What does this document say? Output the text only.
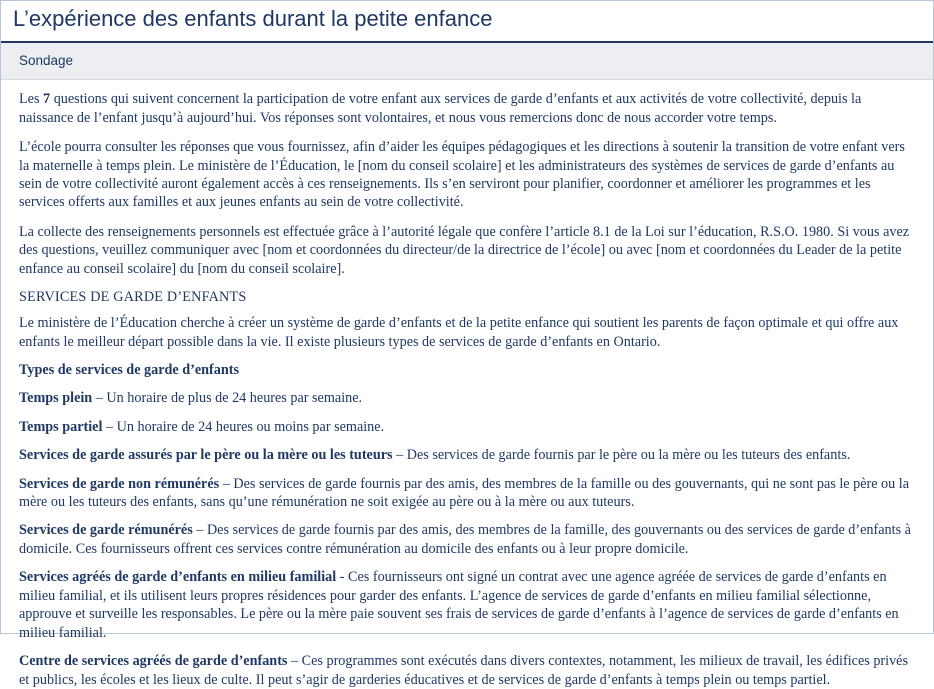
L’expérience des enfants durant la petite enfance
Sondage

Les 7 questions qui suivent concernent la participation de votre enfant aux services de garde d’enfants et aux activités de votre collectivité, depuis la naissance de l’enfant jusqu’à aujourd’hui. Vos réponses sont volontaires, et nous vous remercions donc de nous accorder votre temps.

L’école pourra consulter les réponses que vous fournissez, afin d’aider les équipes pédagogiques et les directions à soutenir la transition de votre enfant vers la maternelle à temps plein. Le ministère de l’Éducation, le [nom du conseil scolaire] et les administrateurs des systèmes de services de garde d’enfants au sein de votre collectivité auront également accès à ces renseignements. Ils s’en serviront pour planifier, coordonner et améliorer les programmes et les services offerts aux familles et aux jeunes enfants au sein de votre collectivité.

La collecte des renseignements personnels est effectuée grâce à l’autorité légale que confère l’article 8.1 de la Loi sur l’éducation, R.S.O. 1980. Si vous avez des questions, veuillez communiquer avec [nom et coordonnées du directeur/de la directrice de l’école] ou avec [nom et coordonnées du Leader de la petite enfance au conseil scolaire] du [nom du conseil scolaire].

SERVICES DE GARDE D’ENFANTS

Le ministère de l’Éducation cherche à créer un système de garde d’enfants et de la petite enfance qui soutient les parents de façon optimale et qui offre aux enfants le meilleur départ possible dans la vie. Il existe plusieurs types de services de garde d’enfants en Ontario.

Types de services de garde d’enfants

Temps plein – Un horaire de plus de 24 heures par semaine.

Temps partiel – Un horaire de 24 heures ou moins par semaine.

Services de garde assurés par le père ou la mère ou les tuteurs – Des services de garde fournis par le père ou la mère ou les tuteurs des enfants.

Services de garde non rémunérés – Des services de garde fournis par des amis, des membres de la famille ou des gouvernants, qui ne sont pas le père ou la mère ou les tuteurs des enfants, sans qu’une rémunération ne soit exigée au père ou à la mère ou aux tuteurs.

Services de garde rémunérés – Des services de garde fournis par des amis, des membres de la famille, des gouvernants ou des services de garde d’enfants à domicile. Ces fournisseurs offrent ces services contre rémunération au domicile des enfants ou à leur propre domicile.

Services agréés de garde d’enfants en milieu familial - Ces fournisseurs ont signé un contrat avec une agence agréée de services de garde d’enfants en milieu familial, et ils utilisent leurs propres résidences pour garder des enfants. L’agence de services de garde d’enfants en milieu familial sélectionne, approuve et surveille les responsables. Le père ou la mère paie souvent ses frais de services de garde d’enfants à l’agence de services de garde d’enfants en milieu familial.

Centre de services agréés de garde d’enfants – Ces programmes sont exécutés dans divers contextes, notamment, les milieux de travail, les édifices privés et publics, les écoles et les lieux de culte. Il peut s’agir de garderies éducatives et de services de garde d’enfants à temps plein ou temps partiel.
